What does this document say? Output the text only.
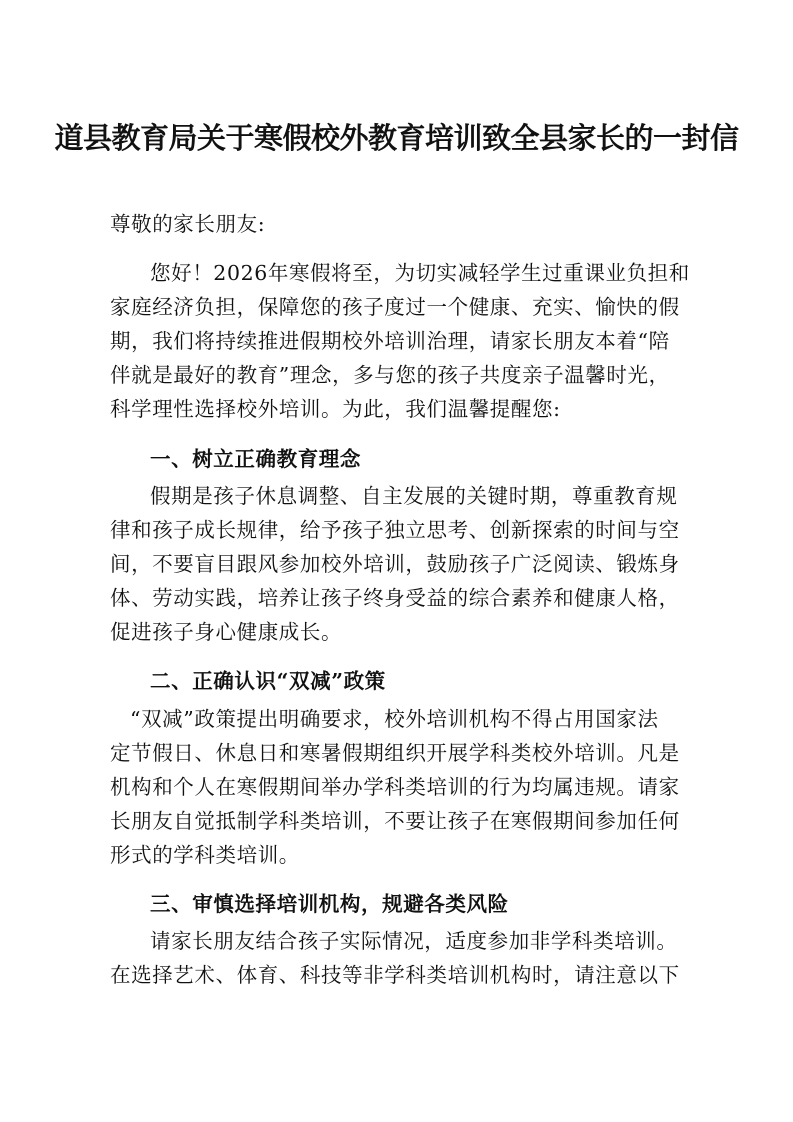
道县教育局关于寒假校外教育培训致全县家长的一封信
尊敬的家长朋友:
您好！2026年寒假将至，为切实减轻学生过重课业负担和
家庭经济负担，保障您的孩子度过一个健康、充实、愉快的假
期，我们将持续推进假期校外培训治理，请家长朋友本着“陪
伴就是最好的教育”理念，多与您的孩子共度亲子温馨时光，
科学理性选择校外培训。为此，我们温馨提醒您:
一、树立正确教育理念
假期是孩子休息调整、自主发展的关键时期，尊重教育规
律和孩子成长规律，给予孩子独立思考、创新探索的时间与空
间，不要盲目跟风参加校外培训，鼓励孩子广泛阅读、锻炼身
体、劳动实践，培养让孩子终身受益的综合素养和健康人格，
促进孩子身心健康成长。
二、正确认识“双减”政策
“双减”政策提出明确要求，校外培训机构不得占用国家法
定节假日、休息日和寒暑假期组织开展学科类校外培训。凡是
机构和个人在寒假期间举办学科类培训的行为均属违规。请家
长朋友自觉抵制学科类培训，不要让孩子在寒假期间参加任何
形式的学科类培训。
三、审慎选择培训机构，规避各类风险
请家长朋友结合孩子实际情况，适度参加非学科类培训。
在选择艺术、体育、科技等非学科类培训机构时，请注意以下
